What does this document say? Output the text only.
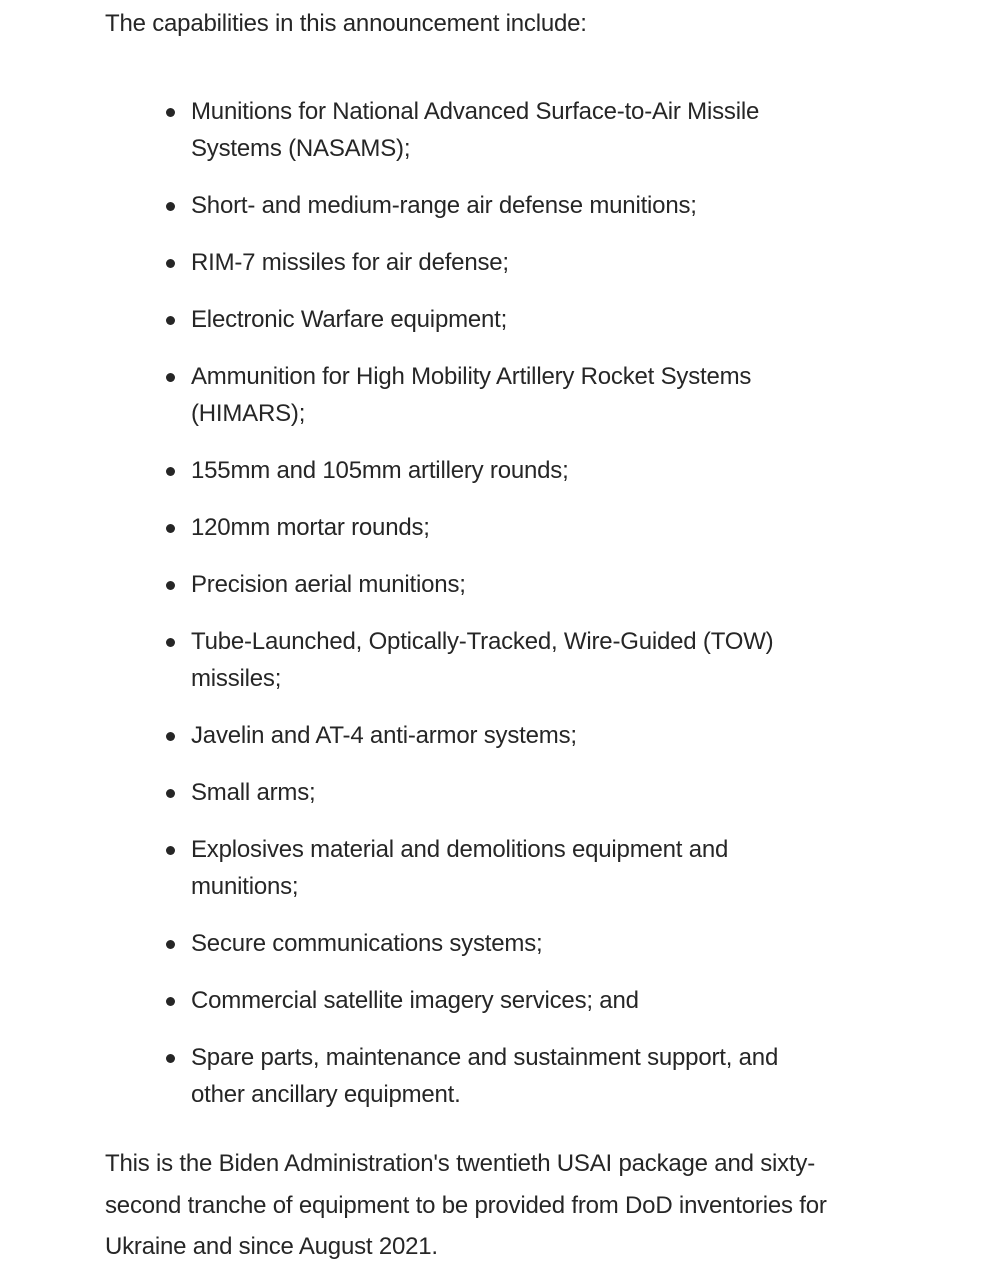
The capabilities in this announcement include:

Munitions for National Advanced Surface-to-Air Missile Systems (NASAMS);
Short- and medium-range air defense munitions;
RIM-7 missiles for air defense;
Electronic Warfare equipment;
Ammunition for High Mobility Artillery Rocket Systems (HIMARS);
155mm and 105mm artillery rounds;
120mm mortar rounds;
Precision aerial munitions;
Tube-Launched, Optically-Tracked, Wire-Guided (TOW) missiles;
Javelin and AT-4 anti-armor systems;
Small arms;
Explosives material and demolitions equipment and munitions;
Secure communications systems;
Commercial satellite imagery services; and
Spare parts, maintenance and sustainment support, and other ancillary equipment.

This is the Biden Administration's twentieth USAI package and sixty-second tranche of equipment to be provided from DoD inventories for Ukraine and since August 2021.
